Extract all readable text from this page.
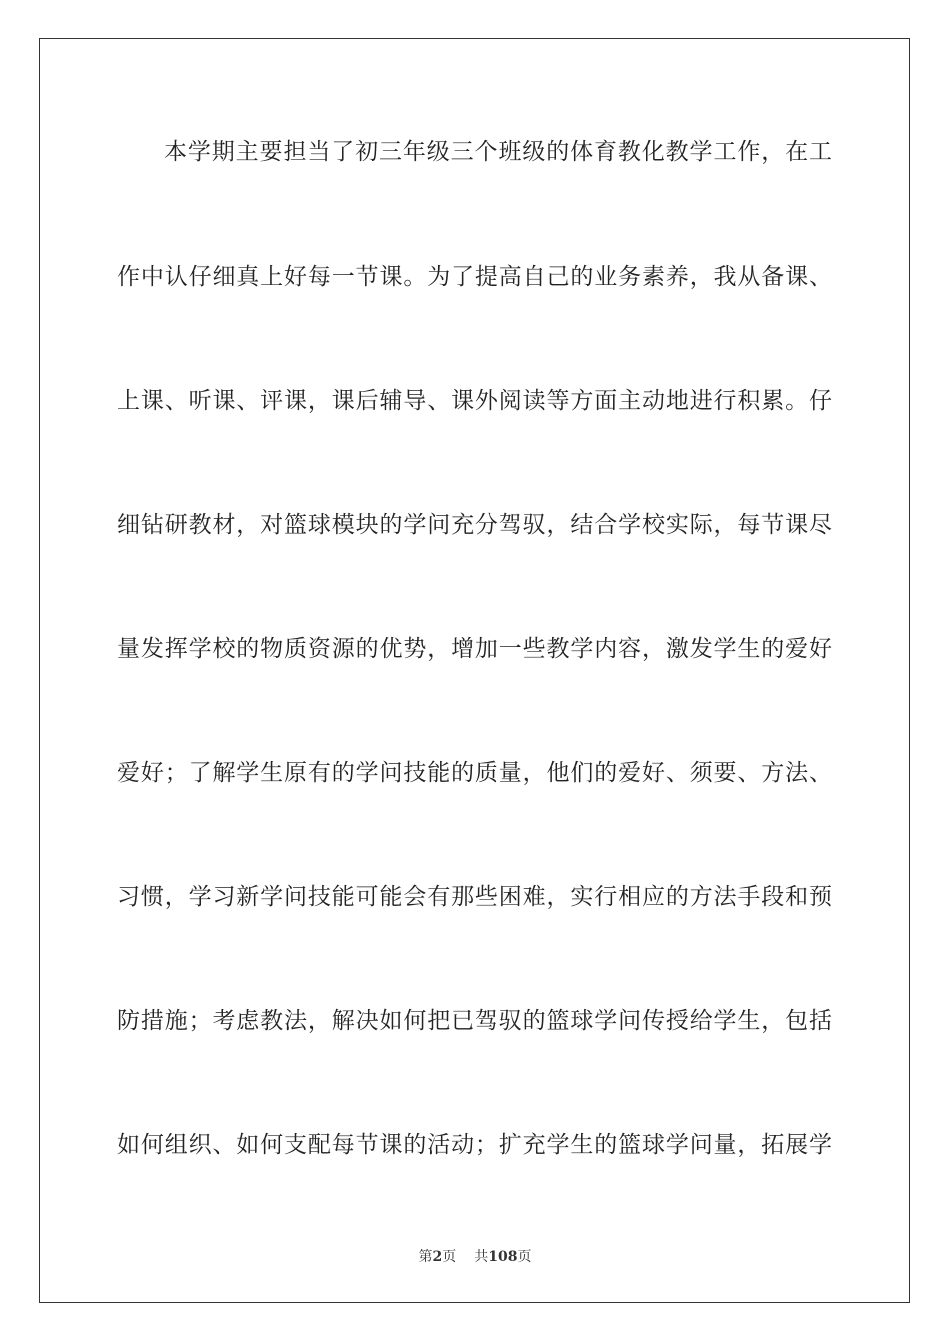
本学期主要担当了初三年级三个班级的体育教化教学工作，在工
作中认仔细真上好每一节课。为了提高自己的业务素养，我从备课、
上课、听课、评课，课后辅导、课外阅读等方面主动地进行积累。仔
细钻研教材，对篮球模块的学问充分驾驭，结合学校实际，每节课尽
量发挥学校的物质资源的优势，增加一些教学内容，激发学生的爱好
爱好；了解学生原有的学问技能的质量，他们的爱好、须要、方法、
习惯，学习新学问技能可能会有那些困难，实行相应的方法手段和预
防措施；考虑教法，解决如何把已驾驭的篮球学问传授给学生，包括
如何组织、如何支配每节课的活动；扩充学生的篮球学问量，拓展学
第2页 共108页
